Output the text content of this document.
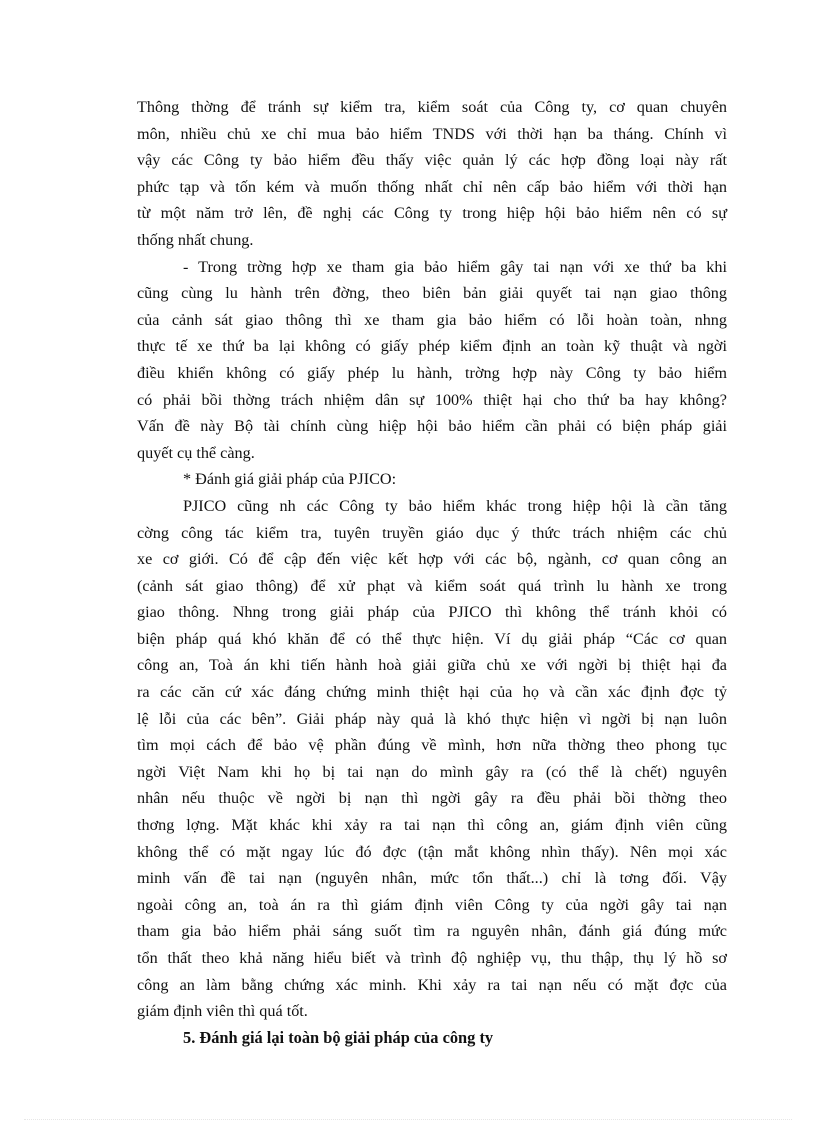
Thông thờng để tránh sự kiểm tra, kiểm soát của Công ty, cơ quan chuyên
môn, nhiều chủ xe chỉ mua bảo hiểm TNDS với thời hạn ba tháng. Chính vì
vậy các Công ty bảo hiểm đều thấy việc quản lý các hợp đồng loại này rất
phức tạp và tốn kém và muốn thống nhất chỉ nên cấp bảo hiểm với thời hạn
từ một năm trở lên, đề nghị các Công ty trong hiệp hội bảo hiểm nên có sự
thống nhất chung.
- Trong trờng hợp xe tham gia bảo hiểm gây tai nạn với xe thứ ba khi
cũng cùng lu hành trên đờng, theo biên bản giải quyết tai nạn giao thông
của cảnh sát giao thông thì xe tham gia bảo hiểm có lỗi hoàn toàn, nhng
thực tế xe thứ ba lại không có giấy phép kiểm định an toàn kỹ thuật và ngời
điều khiển không có giấy phép lu hành, trờng hợp này Công ty bảo hiểm
có phải bồi thờng trách nhiệm dân sự 100% thiệt hại cho thứ ba hay không?
Vấn đề này Bộ tài chính cùng hiệp hội bảo hiểm cần phải có biện pháp giải
quyết cụ thể càng.
* Đánh giá giải pháp của PJICO:
PJICO cũng nh các Công ty bảo hiểm khác trong hiệp hội là cần tăng
cờng công tác kiểm tra, tuyên truyền giáo dục ý thức trách nhiệm các chủ
xe cơ giới. Có để cập đến việc kết hợp với các bộ, ngành, cơ quan công an
(cảnh sát giao thông) để xử phạt và kiểm soát quá trình lu hành xe trong
giao thông. Nhng trong giải pháp của PJICO thì không thể tránh khỏi có
biện pháp quá khó khăn để có thể thực hiện. Ví dụ giải pháp “Các cơ quan
công an, Toà án khi tiến hành hoà giải giữa chủ xe với ngời bị thiệt hại đa
ra các căn cứ xác đáng chứng minh thiệt hại của họ và cần xác định đợc tỷ
lệ lỗi của các bên”. Giải pháp này quả là khó thực hiện vì ngời bị nạn luôn
tìm mọi cách để bảo vệ phần đúng về mình, hơn nữa thờng theo phong tục
ngời Việt Nam khi họ bị tai nạn do mình gây ra (có thể là chết) nguyên
nhân nếu thuộc về ngời bị nạn thì ngời gây ra đều phải bồi thờng theo
thơng lợng. Mặt khác khi xảy ra tai nạn thì công an, giám định viên cũng
không thể có mặt ngay lúc đó đợc (tận mắt không nhìn thấy). Nên mọi xác
minh vấn đề tai nạn (nguyên nhân, mức tổn thất...) chỉ là tơng đối. Vậy
ngoài công an, toà án ra thì giám định viên Công ty của ngời gây tai nạn
tham gia bảo hiểm phải sáng suốt tìm ra nguyên nhân, đánh giá đúng mức
tổn thất theo khả năng hiểu biết và trình độ nghiệp vụ, thu thập, thụ lý hồ sơ
công an làm bằng chứng xác minh. Khi xảy ra tai nạn nếu có mặt đợc của
giám định viên thì quá tốt.
5. Đánh giá lại toàn bộ giải pháp của công ty
